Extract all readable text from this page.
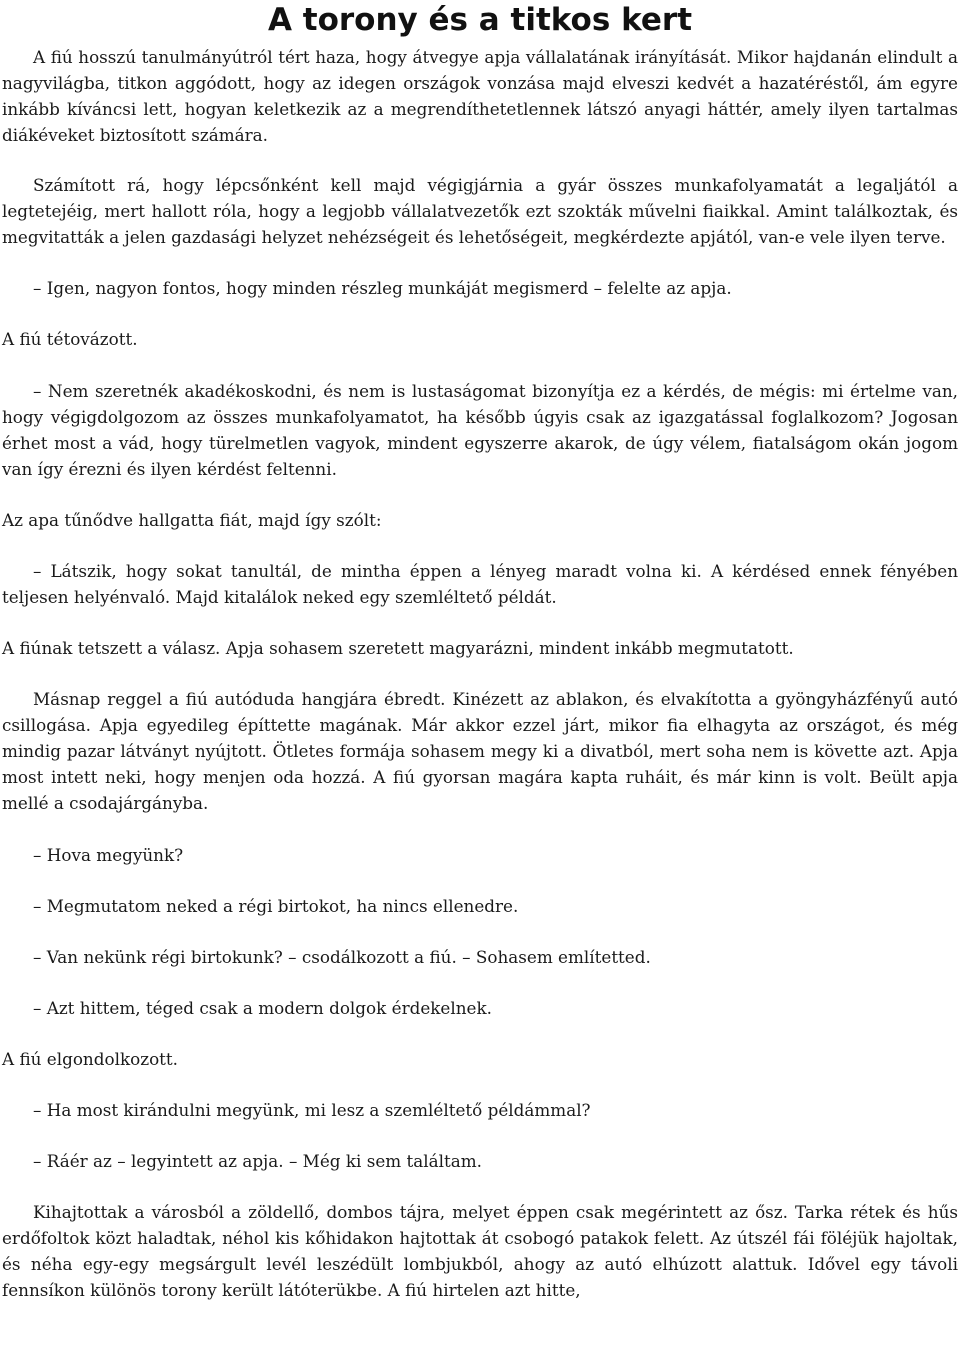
A torony és a titkos kert

A fiú hosszú tanulmányútról tért haza, hogy átvegye apja vállalatának irányítását. Mikor hajdanán elindult a nagyvilágba, titkon aggódott, hogy az idegen országok vonzása majd elveszi kedvét a hazatéréstől, ám egyre inkább kíváncsi lett, hogyan keletkezik az a megrendíthetetlennek látszó anyagi háttér, amely ilyen tartalmas diákéveket biztosított számára.

Számított rá, hogy lépcsőnként kell majd végigjárnia a gyár összes munkafolyamatát a legaljától a legtetejéig, mert hallott róla, hogy a legjobb vállalatvezetők ezt szokták művelni fiaikkal. Amint találkoztak, és megvitatták a jelen gazdasági helyzet nehézségeit és lehetőségeit, megkérdezte apjától, van-e vele ilyen terve.

– Igen, nagyon fontos, hogy minden részleg munkáját megismerd – felelte az apja.

A fiú tétovázott.

– Nem szeretnék akadékoskodni, és nem is lustaságomat bizonyítja ez a kérdés, de mégis: mi értelme van, hogy végigdolgozom az összes munkafolyamatot, ha később úgyis csak az igazgatással foglalkozom? Jogosan érhet most a vád, hogy türelmetlen vagyok, mindent egyszerre akarok, de úgy vélem, fiatalságom okán jogom van így érezni és ilyen kérdést feltenni.

Az apa tűnődve hallgatta fiát, majd így szólt:

– Látszik, hogy sokat tanultál, de mintha éppen a lényeg maradt volna ki. A kérdésed ennek fényében teljesen helyénvaló. Majd kitalálok neked egy szemléltető példát.

A fiúnak tetszett a válasz. Apja sohasem szeretett magyarázni, mindent inkább megmutatott.

Másnap reggel a fiú autóduda hangjára ébredt. Kinézett az ablakon, és elvakította a gyöngyházfényű autó csillogása. Apja egyedileg építtette magának. Már akkor ezzel járt, mikor fia elhagyta az országot, és még mindig pazar látványt nyújtott. Ötletes formája sohasem megy ki a divatból, mert soha nem is követte azt. Apja most intett neki, hogy menjen oda hozzá. A fiú gyorsan magára kapta ruháit, és már kinn is volt. Beült apja mellé a csodajárgányba.

– Hova megyünk?

– Megmutatom neked a régi birtokot, ha nincs ellenedre.

– Van nekünk régi birtokunk? – csodálkozott a fiú. – Sohasem említetted.

– Azt hittem, téged csak a modern dolgok érdekelnek.

A fiú elgondolkozott.

– Ha most kirándulni megyünk, mi lesz a szemléltető példámmal?

– Ráér az – legyintett az apja. – Még ki sem találtam.

Kihajtottak a városból a zöldellő, dombos tájra, melyet éppen csak megérintett az ősz. Tarka rétek és hűs erdőfoltok közt haladtak, néhol kis kőhidakon hajtottak át csobogó patakok felett. Az útszél fái föléjük hajoltak, és néha egy-egy megsárgult levél leszédült lombjukból, ahogy az autó elhúzott alattuk. Idővel egy távoli fennsíkon különös torony került látóterükbe. A fiú hirtelen azt hitte,
